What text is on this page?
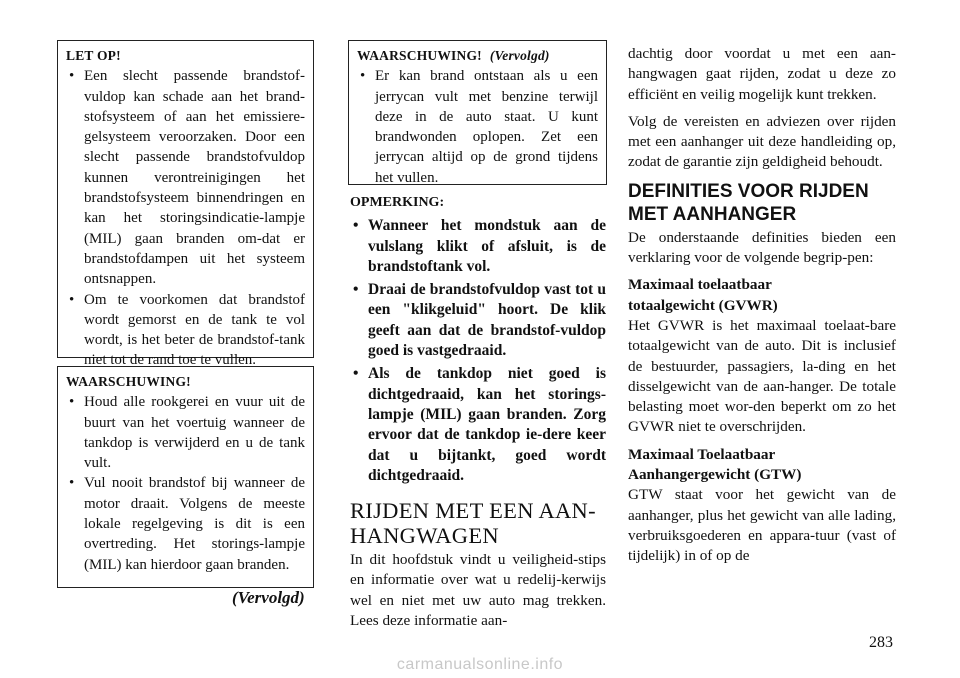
LET OP!
• Een slecht passende brandstof-vuldop kan schade aan het brand-stofsysteem of aan het emissiere-gelsysteem veroorzaken. Door een slecht passende brandstofvuldop kunnen verontreinigingen het brandstofsysteem binnendringen en kan het storingsindicatie-lampje (MIL) gaan branden om-dat er brandstofdampen uit het systeem ontsnappen.
• Om te voorkomen dat brandstof wordt gemorst en de tank te vol wordt, is het beter de brandstof-tank niet tot de rand toe te vullen.
WAARSCHUWING!
• Houd alle rookgerei en vuur uit de buurt van het voertuig wanneer de tankdop is verwijderd en u de tank vult.
• Vul nooit brandstof bij wanneer de motor draait. Volgens de meeste lokale regelgeving is dit is een overtreding. Het storings-lampje (MIL) kan hierdoor gaan branden.
(Vervolgd)
WAARSCHUWING! (Vervolgd)
• Er kan brand ontstaan als u een jerrycan vult met benzine terwijl deze in de auto staat. U kunt brandwonden oplopen. Zet een jerrycan altijd op de grond tijdens het vullen.
OPMERKING:
• Wanneer het mondstuk aan de vulslang klikt of afsluit, is de brandstoftank vol.
• Draai de brandstofvuldop vast tot u een "klikgeluid" hoort. De klik geeft aan dat de brandstof-vuldop goed is vastgedraaid.
• Als de tankdop niet goed is dichtgedraaid, kan het storings-lampje (MIL) gaan branden. Zorg ervoor dat de tankdop ie-dere keer dat u bijtankt, goed wordt dichtgedraaid.
RIJDEN MET EEN AAN-
HANGWAGEN

In dit hoofdstuk vindt u veiligheid-stips en informatie over wat u redelij-kerwijs wel en niet met uw auto mag trekken. Lees deze informatie aan-

dachtig door voordat u met een aan-hangwagen gaat rijden, zodat u deze zo efficiënt en veilig mogelijk kunt trekken.

Volg de vereisten en adviezen over rijden met een aanhanger uit deze handleiding op, zodat de garantie zijn geldigheid behoudt.

DEFINITIES VOOR RIJDEN
MET AANHANGER

De onderstaande definities bieden een verklaring voor de volgende begrip-pen:

Maximaal toelaatbaar
totaalgewicht (GVWR)

Het GVWR is het maximaal toelaat-bare totaalgewicht van de auto. Dit is inclusief de bestuurder, passagiers, la-ding en het disselgewicht van de aan-hanger. De totale belasting moet wor-den beperkt om zo het GVWR niet te overschrijden.

Maximaal Toelaatbaar
Aanhangergewicht (GTW)

GTW staat voor het gewicht van de aanhanger, plus het gewicht van alle lading, verbruiksgoederen en appara-tuur (vast of tijdelijk) in of op de

283
carmanualsonline.info
